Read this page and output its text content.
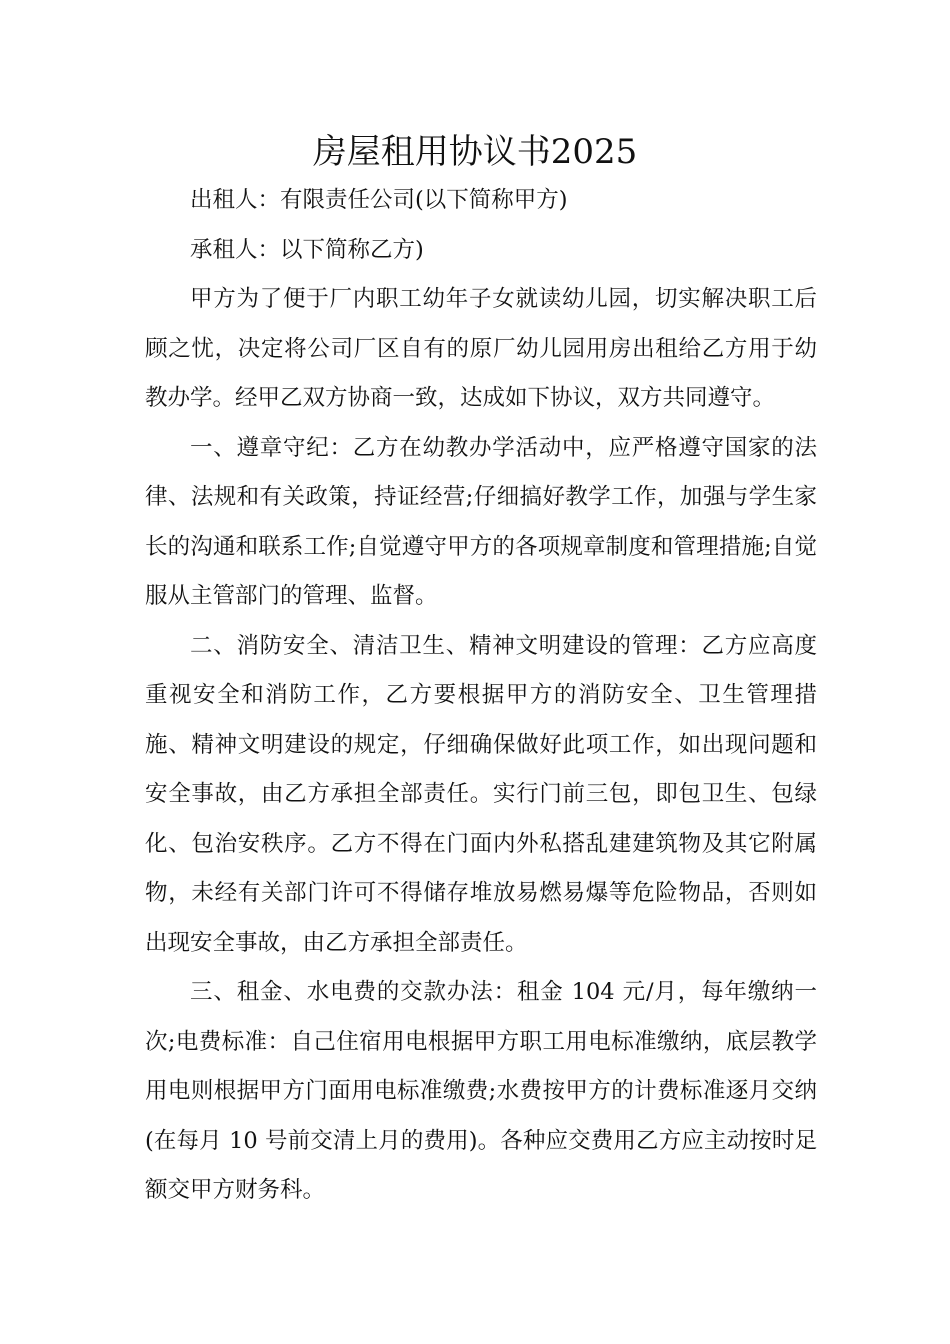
房屋租用协议书2025

出租人：有限责任公司(以下简称甲方)

承租人：以下简称乙方)

甲方为了便于厂内职工幼年子女就读幼儿园，切实解决职工后顾之忧，决定将公司厂区自有的原厂幼儿园用房出租给乙方用于幼教办学。经甲乙双方协商一致，达成如下协议，双方共同遵守。

一、遵章守纪：乙方在幼教办学活动中，应严格遵守国家的法律、法规和有关政策，持证经营;仔细搞好教学工作，加强与学生家长的沟通和联系工作;自觉遵守甲方的各项规章制度和管理措施;自觉服从主管部门的管理、监督。

二、消防安全、清洁卫生、精神文明建设的管理：乙方应高度重视安全和消防工作，乙方要根据甲方的消防安全、卫生管理措施、精神文明建设的规定，仔细确保做好此项工作，如出现问题和安全事故，由乙方承担全部责任。实行门前三包，即包卫生、包绿化、包治安秩序。乙方不得在门面内外私搭乱建建筑物及其它附属物，未经有关部门许可不得储存堆放易燃易爆等危险物品，否则如出现安全事故，由乙方承担全部责任。

三、租金、水电费的交款办法：租金 104 元/月，每年缴纳一次;电费标准：自己住宿用电根据甲方职工用电标准缴纳，底层教学用电则根据甲方门面用电标准缴费;水费按甲方的计费标准逐月交纳(在每月 10 号前交清上月的费用)。各种应交费用乙方应主动按时足额交甲方财务科。
